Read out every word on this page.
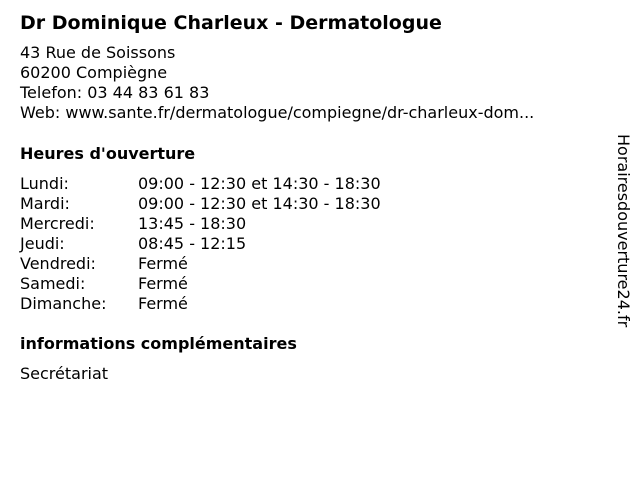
Dr Dominique Charleux - Dermatologue
43 Rue de Soissons
60200 Compiègne
Telefon: 03 44 83 61 83
Web: www.sante.fr/dermatologue/compiegne/dr-charleux-dom...
Heures d'ouverture
Lundi:	09:00 - 12:30 et 14:30 - 18:30
Mardi:	09:00 - 12:30 et 14:30 - 18:30
Mercredi:	13:45 - 18:30
Jeudi:	08:45 - 12:15
Vendredi:	Fermé
Samedi:	Fermé
Dimanche:	Fermé
informations complémentaires
Secrétariat
Horairesdouverture24.fr
